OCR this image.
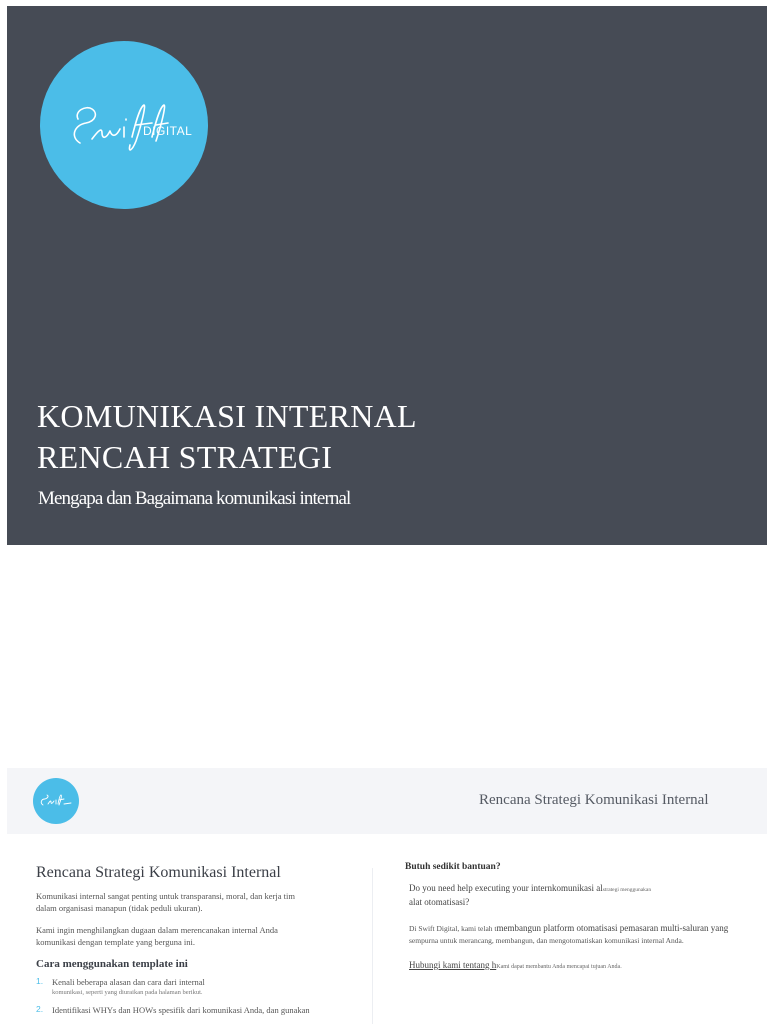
DIGITAL
KOMUNIKASI INTERNAL
RENCAH STRATEGI
Mengapa dan Bagaimana komunikasi internal
Rencana Strategi Komunikasi Internal
Rencana Strategi Komunikasi Internal

Komunikasi internal sangat penting untuk transparansi, moral, dan kerja tim dalam organisasi manapun (tidak peduli ukuran).

Kami ingin menghilangkan dugaan dalam merencanakan internal Anda komunikasi dengan template yang berguna ini.

Cara menggunakan template ini
1. Kenali beberapa alasan dan cara dari internal
komunikasi, seperti yang diuraikan pada halaman berikut.
2. Identifikasi WHYs dan HOWs spesifik dari komunikasi Anda, dan gunakan
Butuh sedikit bantuan?
Do you need help executing your internkomunikasi alstrategi menggunakan
alat otomatisasi?
Di Swift Digital, kami telah tmembangun platform otomatisasi pemasaran multi-saluran yang
sempurna untuk merancang, membangun, dan mengotomatiskan komunikasi internal Anda.
Hubungi kami tentang hKami dapat membantu Anda mencapai tujuan Anda.
